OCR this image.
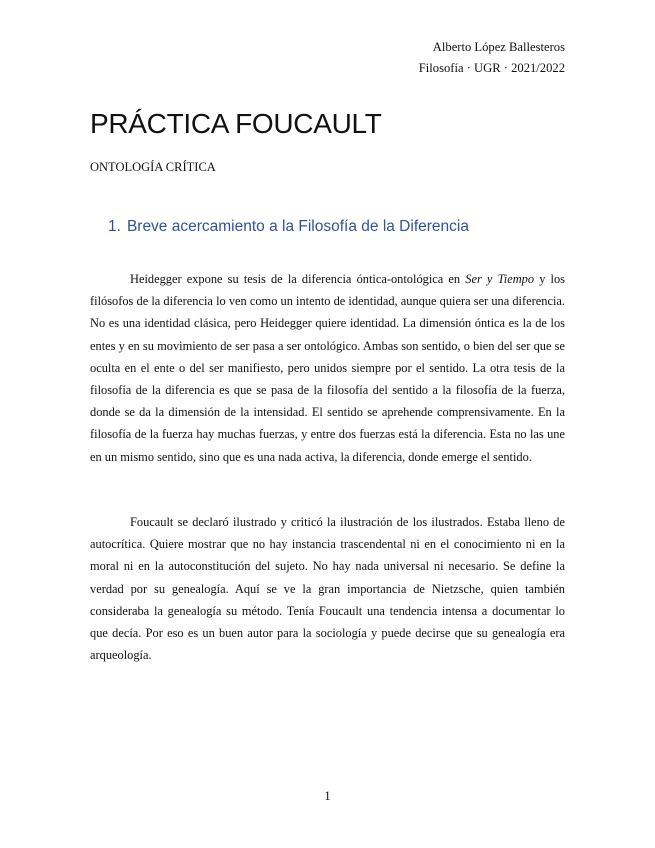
Alberto López Ballesteros
Filosofía · UGR · 2021/2022
PRÁCTICA FOUCAULT
ONTOLOGÍA CRÍTICA
1. Breve acercamiento a la Filosofía de la Diferencia

Heidegger expone su tesis de la diferencia óntica-ontológica en Ser y Tiempo y los filósofos de la diferencia lo ven como un intento de identidad, aunque quiera ser una diferencia. No es una identidad clásica, pero Heidegger quiere identidad. La dimensión óntica es la de los entes y en su movimiento de ser pasa a ser ontológico. Ambas son sentido, o bien del ser que se oculta en el ente o del ser manifiesto, pero unidos siempre por el sentido. La otra tesis de la filosofía de la diferencia es que se pasa de la filosofía del sentido a la filosofía de la fuerza, donde se da la dimensión de la intensidad. El sentido se aprehende comprensivamente. En la filosofía de la fuerza hay muchas fuerzas, y entre dos fuerzas está la diferencia. Esta no las une en un mismo sentido, sino que es una nada activa, la diferencia, donde emerge el sentido.

Foucault se declaró ilustrado y criticó la ilustración de los ilustrados. Estaba lleno de autocrítica. Quiere mostrar que no hay instancia trascendental ni en el conocimiento ni en la moral ni en la autoconstitución del sujeto. No hay nada universal ni necesario. Se define la verdad por su genealogía. Aquí se ve la gran importancia de Nietzsche, quien también consideraba la genealogía su método. Tenía Foucault una tendencia intensa a documentar lo que decía. Por eso es un buen autor para la sociología y puede decirse que su genealogía era arqueología.

1
